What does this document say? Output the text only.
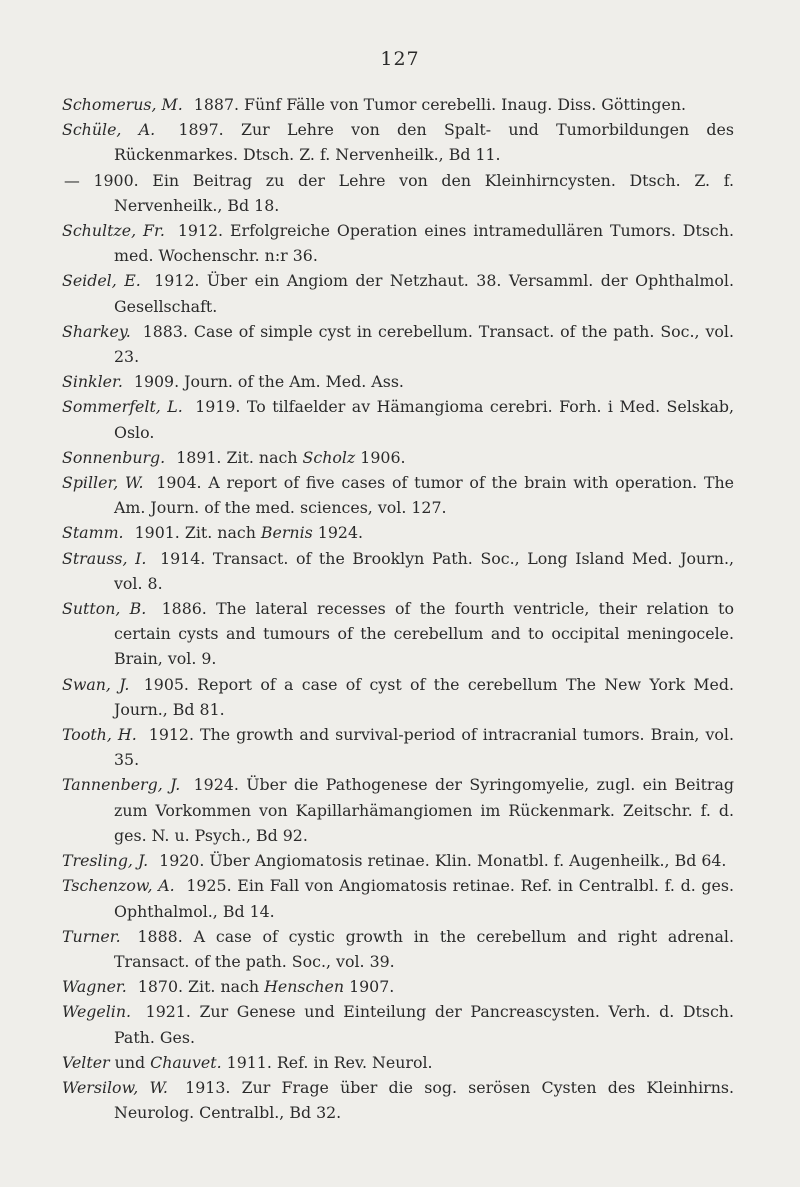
127
Schomerus, M. 1887. Fünf Fälle von Tumor cerebelli. Inaug. Diss. Göttingen.
Schüle, A. 1897. Zur Lehre von den Spalt- und Tumorbildungen des Rückenmarkes. Dtsch. Z. f. Nervenheilk., Bd 11.
— 1900. Ein Beitrag zu der Lehre von den Kleinhirncysten. Dtsch. Z. f. Nervenheilk., Bd 18.
Schultze, Fr. 1912. Erfolgreiche Operation eines intramedullären Tumors. Dtsch. med. Wochenschr. n:r 36.
Seidel, E. 1912. Über ein Angiom der Netzhaut. 38. Versamml. der Ophthalmol. Gesellschaft.
Sharkey. 1883. Case of simple cyst in cerebellum. Transact. of the path. Soc., vol. 23.
Sinkler. 1909. Journ. of the Am. Med. Ass.
Sommerfelt, L. 1919. To tilfaelder av Hämangioma cerebri. Forh. i Med. Selskab, Oslo.
Sonnenburg. 1891. Zit. nach Scholz 1906.
Spiller, W. 1904. A report of five cases of tumor of the brain with operation. The Am. Journ. of the med. sciences, vol. 127.
Stamm. 1901. Zit. nach Bernis 1924.
Strauss, I. 1914. Transact. of the Brooklyn Path. Soc., Long Island Med. Journ., vol. 8.
Sutton, B. 1886. The lateral recesses of the fourth ventricle, their relation to certain cysts and tumours of the cerebellum and to occipital meningocele. Brain, vol. 9.
Swan, J. 1905. Report of a case of cyst of the cerebellum The New York Med. Journ., Bd 81.
Tooth, H. 1912. The growth and survival-period of intracranial tumors. Brain, vol. 35.
Tannenberg, J. 1924. Über die Pathogenese der Syringomyelie, zugl. ein Beitrag zum Vorkommen von Kapillarhämangiomen im Rückenmark. Zeitschr. f. d. ges. N. u. Psych., Bd 92.
Tresling, J. 1920. Über Angiomatosis retinae. Klin. Monatbl. f. Augenheilk., Bd 64.
Tschenzow, A. 1925. Ein Fall von Angiomatosis retinae. Ref. in Centralbl. f. d. ges. Ophthalmol., Bd 14.
Turner. 1888. A case of cystic growth in the cerebellum and right adrenal. Transact. of the path. Soc., vol. 39.
Wagner. 1870. Zit. nach Henschen 1907.
Wegelin. 1921. Zur Genese und Einteilung der Pancreascysten. Verh. d. Dtsch. Path. Ges.
Velter und Chauvet. 1911. Ref. in Rev. Neurol.
Wersilow, W. 1913. Zur Frage über die sog. serösen Cysten des Kleinhirns. Neurolog. Centralbl., Bd 32.
